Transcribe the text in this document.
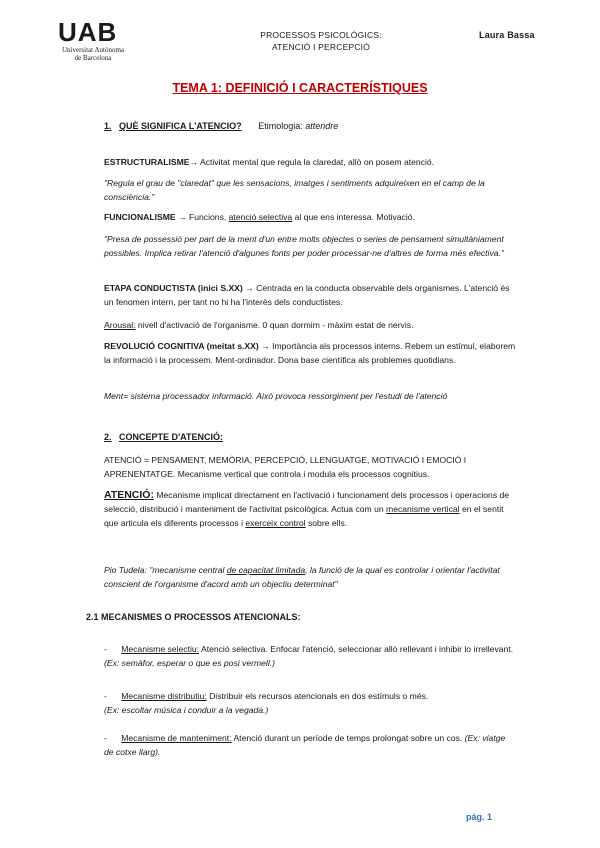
UAB
Universitat Autònoma
de Barcelona
PROCESSOS PSICOLÒGICS:
ATENCIÓ I PERCEPCIÓ
Laura Bassa
TEMA 1: DEFINICIÓ I CARACTERÍSTIQUES
1. QUÈ SIGNIFICA L'ATENCIO? Etimologia: attendre
ESTRUCTURALISME→ Activitat mental que regula la claredat, allò on posem atenció.
"Regula el grau de "claredat" que les sensacions, imatges i sentiments adquireixen en el camp de la consciència."
FUNCIONALISME → Funcions, atenció selectiva al que ens interessa. Motivació.
"Presa de possessió per part de la ment d'un entre molts objectes o series de pensament simultàniament possibles. Implica retirar l'atenció d'algunes fonts per poder processar-ne d'altres de forma més efectiva."
ETAPA CONDUCTISTA (inici S.XX) → Centrada en la conducta observable dels organismes. L'atenció és un fenomen intern, per tant no hi ha l'interès dels conductistes.
Arousal: nivell d'activació de l'organisme. 0 quan dormim - màxim estat de nervis.
REVOLUCIÓ COGNITIVA (meitat s.XX) → Importància als processos interns. Rebem un estímul, elaborem la informació i la processem. Ment-ordinador. Dona base científica als problemes quotidians.
Ment= sistema processador informació. Això provoca ressorgiment per l'estudi de l'atenció
2. CONCEPTE D'ATENCIÓ:
ATENCIÓ = PENSAMENT, MEMÒRIA, PERCEPCIÓ, LLENGUATGE, MOTIVACIÓ I EMOCIÓ I APRENENTATGE. Mecanisme vertical que controla i modula els processos cognitius.
ATENCIÓ: Mecanisme implicat directament en l'activació i funcionament dels processos i operacions de selecció, distribució i manteniment de l'activitat psicològica. Actua com un mecanisme vertical en el sentit que articula els diferents processos i exerceix control sobre ells.
Pio Tudela: "mecanisme central de capacitat limitada, la funció de la qual es controlar i orientar l'activitat conscient de l'organisme d'acord amb un objectiu determinat"
2.1 MECANISMES O PROCESSOS ATENCIONALS:
-      Mecanisme selectiu: Atenció selectiva. Enfocar l'atenció, seleccionar allò rellevant i inhibir lo irrellevant. (Ex: semàfor, esperar o que es posi vermell.)
-      Mecanisme distributiu: Distribuir els recursos atencionals en dos estímuls o més.
(Ex: escoltar música i conduir a la vegada.)
-      Mecanisme de manteniment: Atenció durant un període de temps prolongat sobre un cos. (Ex: viatge de cotxe llarg).
pág. 1
